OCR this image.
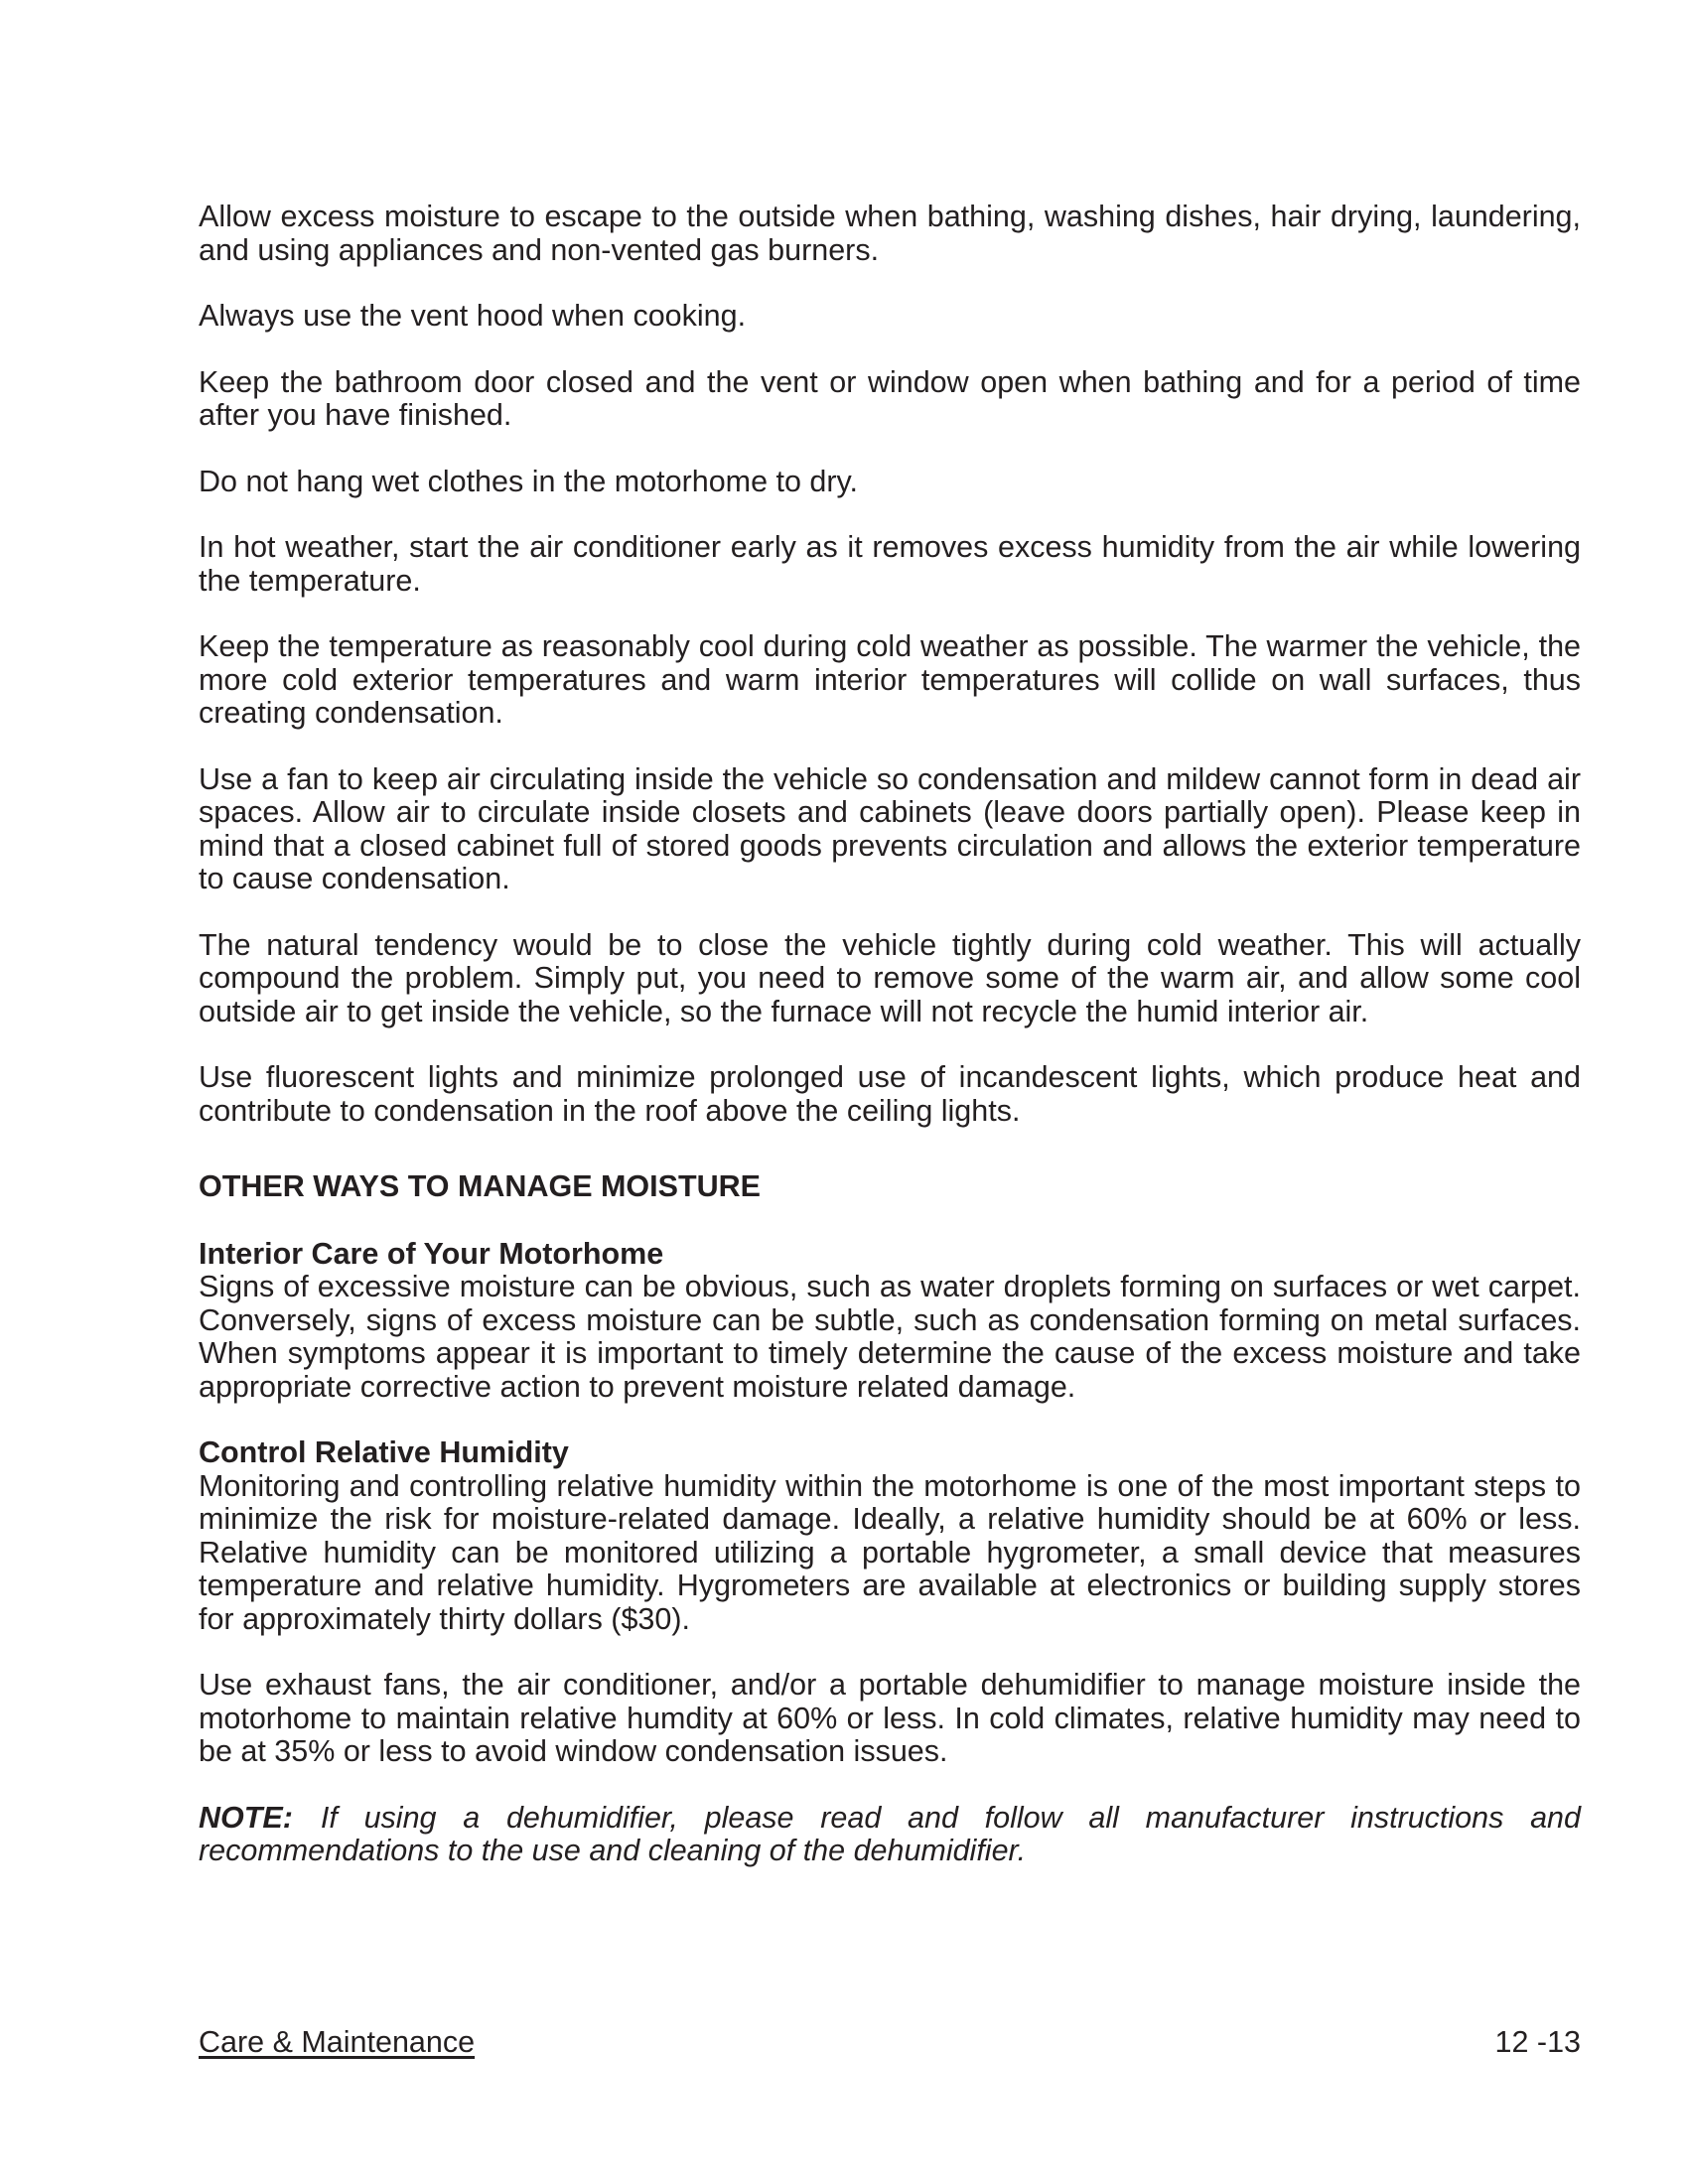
Allow excess moisture to escape to the outside when bathing, washing dishes, hair drying, laundering, and using appliances and non-vented gas burners.

Always use the vent hood when cooking.

Keep the bathroom door closed and the vent or window open when bathing and for a period of time after you have finished.

Do not hang wet clothes in the motorhome to dry.

In hot weather, start the air conditioner early as it removes excess humidity from the air while lowering the temperature.

Keep the temperature as reasonably cool during cold weather as possible. The warmer the vehicle, the more cold exterior temperatures and warm interior temperatures will collide on wall surfaces, thus creating condensation.

Use a fan to keep air circulating inside the vehicle so condensation and mildew cannot form in dead air spaces. Allow air to circulate inside closets and cabinets (leave doors partially open). Please keep in mind that a closed cabinet full of stored goods prevents circulation and allows the exterior temperature to cause condensation.

The natural tendency would be to close the vehicle tightly during cold weather. This will actually compound the problem. Simply put, you need to remove some of the warm air, and allow some cool outside air to get inside the vehicle, so the furnace will not recycle the humid interior air.

Use fluorescent lights and minimize prolonged use of incandescent lights, which produce heat and contribute to condensation in the roof above the ceiling lights.

OTHER WAYS TO MANAGE MOISTURE
Interior Care of Your Motorhome
Signs of excessive moisture can be obvious, such as water droplets forming on surfaces or wet carpet. Conversely, signs of excess moisture can be subtle, such as condensation forming on metal surfaces. When symptoms appear it is important to timely determine the cause of the excess moisture and take appropriate corrective action to prevent moisture related damage.
Control Relative Humidity
Monitoring and controlling relative humidity within the motorhome is one of the most important steps to minimize the risk for moisture-related damage. Ideally, a relative humidity should be at 60% or less. Relative humidity can be monitored utilizing a portable hygrometer, a small device that measures temperature and relative humidity. Hygrometers are available at electronics or building supply stores for approximately thirty dollars ($30).

Use exhaust fans, the air conditioner, and/or a portable dehumidifier to manage moisture inside the motorhome to maintain relative humdity at 60% or less. In cold climates, relative humidity may need to be at 35% or less to avoid window condensation issues.

NOTE: If using a dehumidifier, please read and follow all manufacturer instructions and recommendations to the use and cleaning of the dehumidifier.

Care & Maintenance	12 -13
